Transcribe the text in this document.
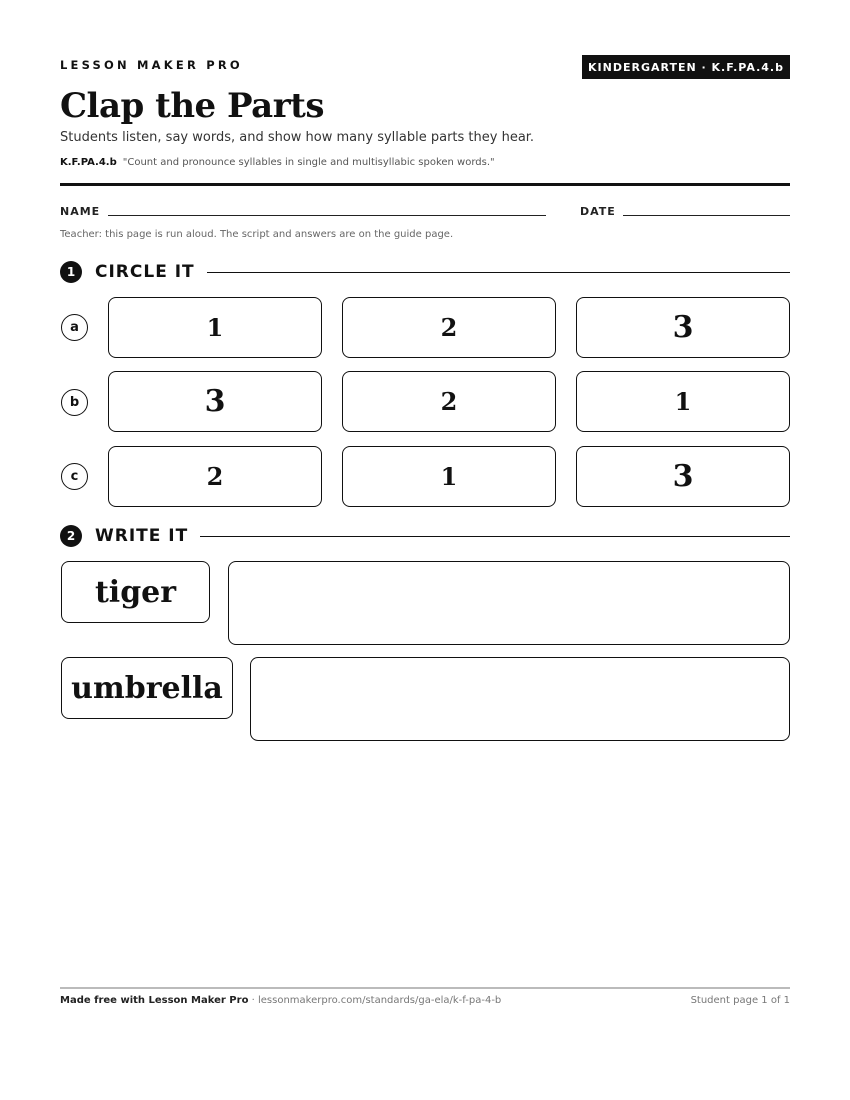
LESSON MAKER PRO	KINDERGARTEN · K.F.PA.4.b
Clap the Parts
Students listen, say words, and show how many syllable parts they hear.
K.F.PA.4.b "Count and pronounce syllables in single and multisyllabic spoken words."
NAME	DATE
Teacher: this page is run aloud. The script and answers are on the guide page.
1	CIRCLE IT
a	1	2	3
b	3	2	1
c	2	1	3
2	WRITE IT
tiger
umbrella
Made free with Lesson Maker Pro · lessonmakerpro.com/standards/ga-ela/k-f-pa-4-b	Student page 1 of 1
